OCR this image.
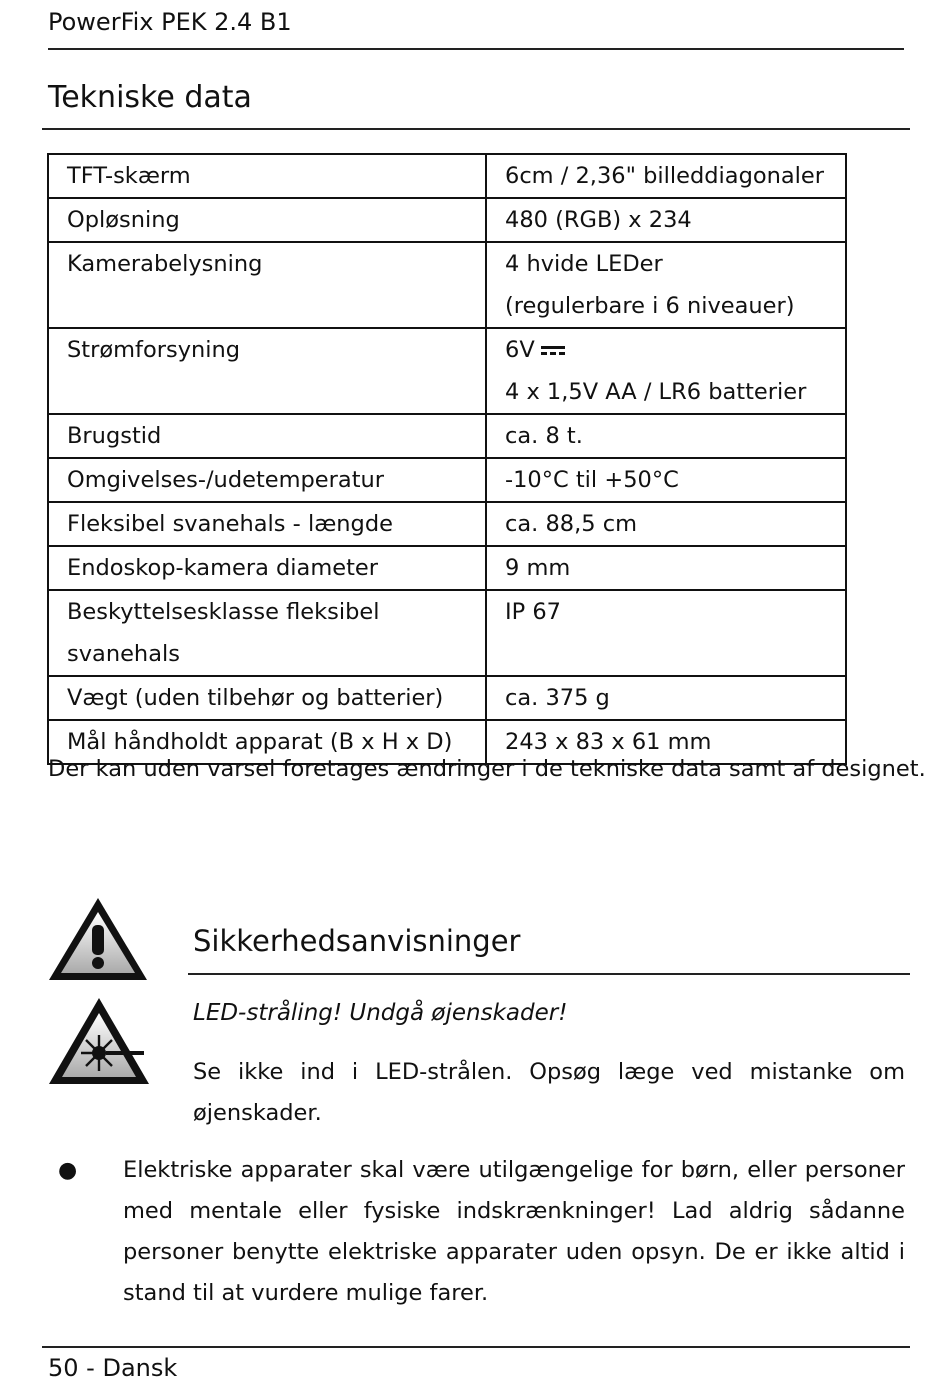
PowerFix PEK 2.4 B1
Tekniske data
TFT-skærm	6cm / 2,36" billeddiagonaler

Opløsning	480 (RGB) x 234

Kamerabelysning	4 hvide LEDer
(regulerbare i 6 niveauer)

Strømforsyning	6V
4 x 1,5V AA / LR6 batterier

Brugstid	ca. 8 t.

Omgivelses-/udetemperatur	-10°C til +50°C

Fleksibel svanehals - længde	ca. 88,5 cm

Endoskop-kamera diameter	9 mm

Beskyttelsesklasse fleksibel svanehals	IP 67

Vægt (uden tilbehør og batterier)	ca. 375 g

Mål håndholdt apparat (B x H x D)	243 x 83 x 61 mm
Der kan uden varsel foretages ændringer i de tekniske data samt af designet.
Sikkerhedsanvisninger
LED-stråling! Undgå øjenskader!
Se ikke ind i LED-strålen. Opsøg læge ved mistanke om øjenskader.
● Elektriske apparater skal være utilgængelige for børn, eller personer med mentale eller fysiske indskrænkninger! Lad aldrig sådanne personer benytte elektriske apparater uden opsyn. De er ikke altid i stand til at vurdere mulige farer.
50 - Dansk
